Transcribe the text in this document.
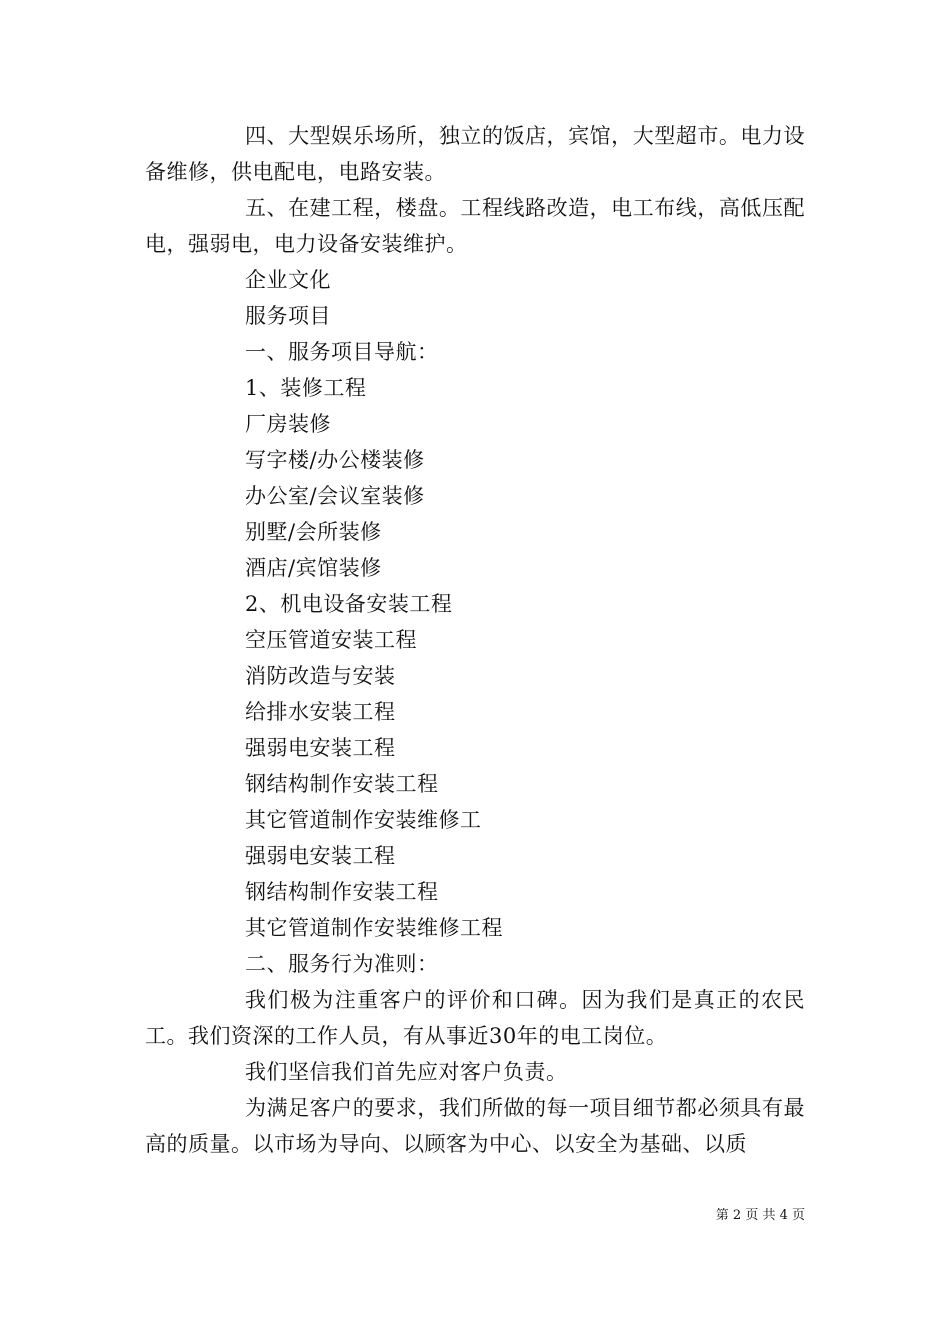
四、大型娱乐场所，独立的饭店，宾馆，大型超市。电力设备维修，供电配电，电路安装。

五、在建工程，楼盘。工程线路改造，电工布线，高低压配电，强弱电，电力设备安装维护。

企业文化

服务项目

一、服务项目导航：

1、装修工程

厂房装修

写字楼/办公楼装修

办公室/会议室装修

别墅/会所装修

酒店/宾馆装修

2、机电设备安装工程

空压管道安装工程

消防改造与安装

给排水安装工程

强弱电安装工程

钢结构制作安装工程

其它管道制作安装维修工

强弱电安装工程

钢结构制作安装工程

其它管道制作安装维修工程

二、服务行为准则：

我们极为注重客户的评价和口碑。因为我们是真正的农民工。我们资深的工作人员，有从事近30年的电工岗位。

我们坚信我们首先应对客户负责。

为满足客户的要求，我们所做的每一项目细节都必须具有最高的质量。以市场为导向、以顾客为中心、以安全为基础、以质

第 2 页 共 4 页
